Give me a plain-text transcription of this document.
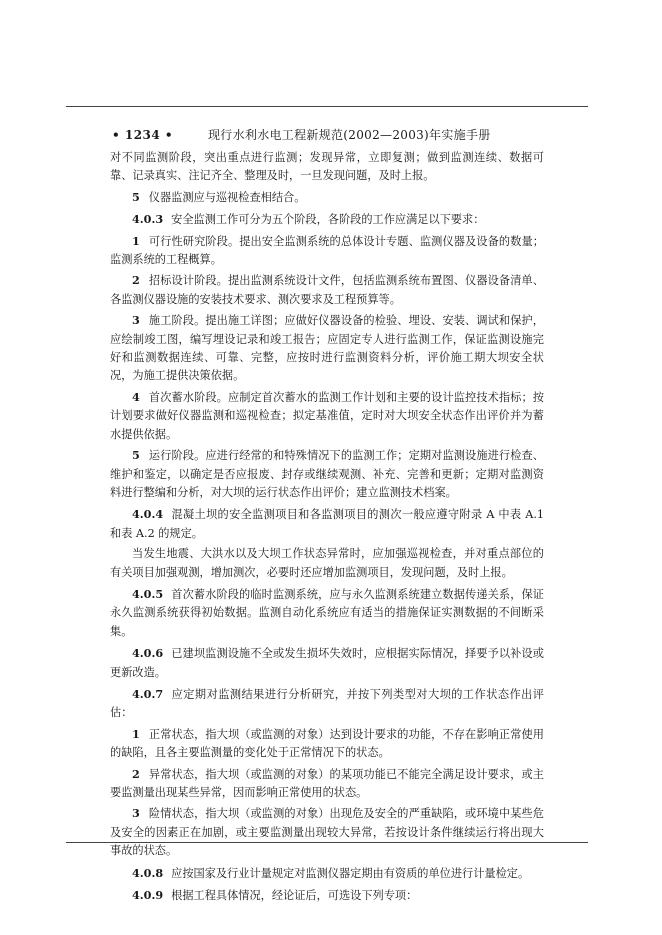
• 1234 •	现行水利水电工程新规范(2002—2003)年实施手册

对不同监测阶段，突出重点进行监测；发现异常，立即复测；做到监测连续、数据可靠、记录真实、注记齐全、整理及时，一旦发现问题，及时上报。

5 仪器监测应与巡视检查相结合。

4.0.3 安全监测工作可分为五个阶段，各阶段的工作应满足以下要求：

1 可行性研究阶段。提出安全监测系统的总体设计专题、监测仪器及设备的数量；监测系统的工程概算。

2 招标设计阶段。提出监测系统设计文件，包括监测系统布置图、仪器设备清单、各监测仪器设施的安装技术要求、测次要求及工程预算等。

3 施工阶段。提出施工详图；应做好仪器设备的检验、埋设、安装、调试和保护，应绘制竣工图，编写埋设记录和竣工报告；应固定专人进行监测工作，保证监测设施完好和监测数据连续、可靠、完整，应按时进行监测资料分析，评价施工期大坝安全状况，为施工提供决策依据。

4 首次蓄水阶段。应制定首次蓄水的监测工作计划和主要的设计监控技术指标；按计划要求做好仪器监测和巡视检查；拟定基准值，定时对大坝安全状态作出评价并为蓄水提供依据。

5 运行阶段。应进行经常的和特殊情况下的监测工作；定期对监测设施进行检查、维护和鉴定，以确定是否应报废、封存或继续观测、补充、完善和更新；定期对监测资料进行整编和分析，对大坝的运行状态作出评价；建立监测技术档案。

4.0.4 混凝土坝的安全监测项目和各监测项目的测次一般应遵守附录 A 中表 A.1 和表 A.2 的规定。

当发生地震、大洪水以及大坝工作状态异常时，应加强巡视检查，并对重点部位的有关项目加强观测，增加测次，必要时还应增加监测项目，发现问题，及时上报。

4.0.5 首次蓄水阶段的临时监测系统，应与永久监测系统建立数据传递关系，保证永久监测系统获得初始数据。监测自动化系统应有适当的措施保证实测数据的不间断采集。

4.0.6 已建坝监测设施不全或发生损坏失效时，应根据实际情况，择要予以补设或更新改造。

4.0.7 应定期对监测结果进行分析研究，并按下列类型对大坝的工作状态作出评估：

1 正常状态，指大坝（或监测的对象）达到设计要求的功能，不存在影响正常使用的缺陷，且各主要监测量的变化处于正常情况下的状态。

2 异常状态，指大坝（或监测的对象）的某项功能已不能完全满足设计要求，或主要监测量出现某些异常，因而影响正常使用的状态。

3 险情状态，指大坝（或监测的对象）出现危及安全的严重缺陷，或环境中某些危及安全的因素正在加剧，或主要监测量出现较大异常，若按设计条件继续运行将出现大事故的状态。

4.0.8 应按国家及行业计量规定对监测仪器定期由有资质的单位进行计量检定。

4.0.9 根据工程具体情况，经论证后，可选设下列专项：
